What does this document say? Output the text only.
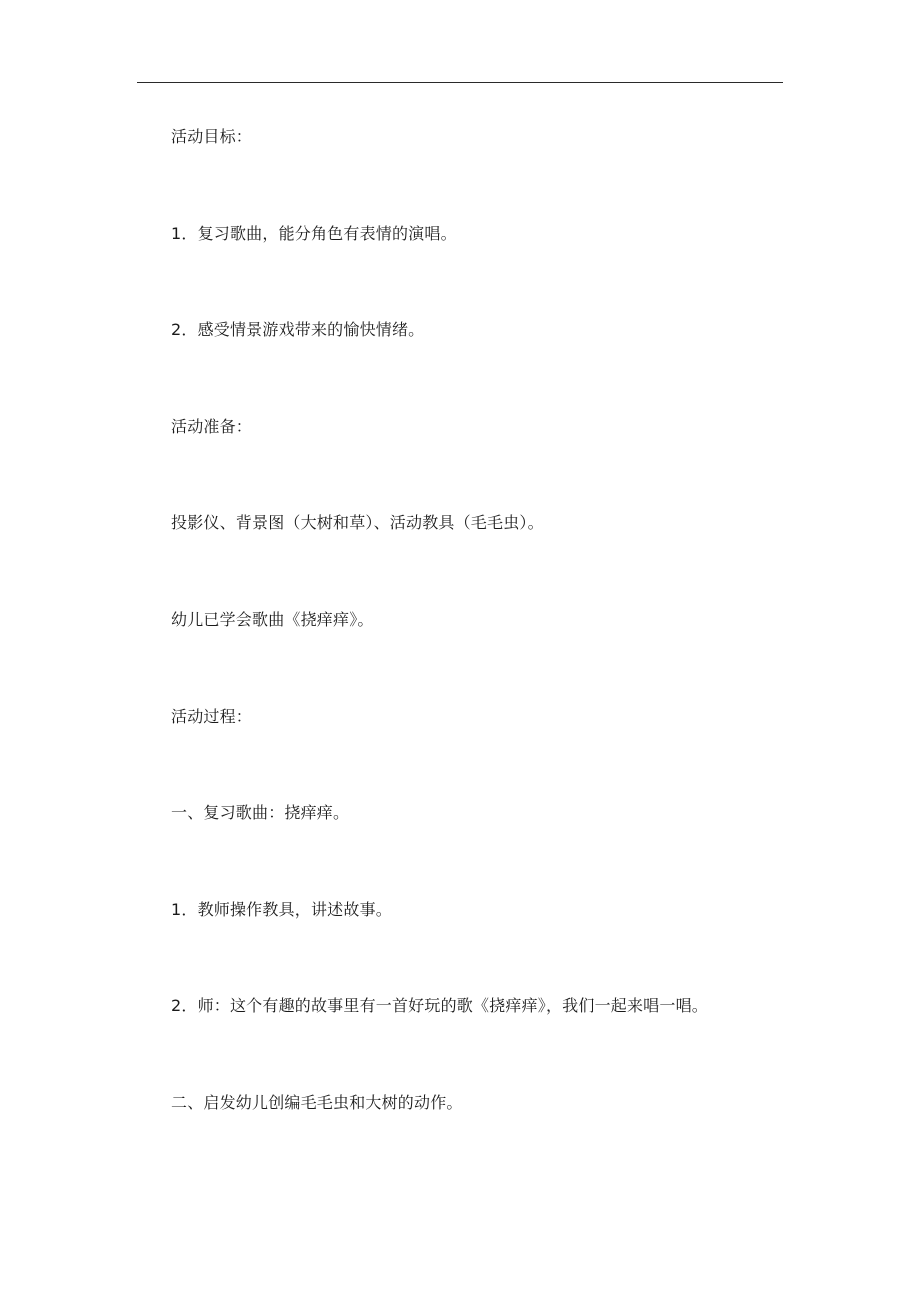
活动目标：
1．复习歌曲，能分角色有表情的演唱。
2．感受情景游戏带来的愉快情绪。
活动准备：
投影仪、背景图（大树和草）、活动教具（毛毛虫）。
幼儿已学会歌曲《挠痒痒》。
活动过程：
一、复习歌曲：挠痒痒。
1．教师操作教具，讲述故事。
2．师：这个有趣的故事里有一首好玩的歌《挠痒痒》，我们一起来唱一唱。
二、启发幼儿创编毛毛虫和大树的动作。
